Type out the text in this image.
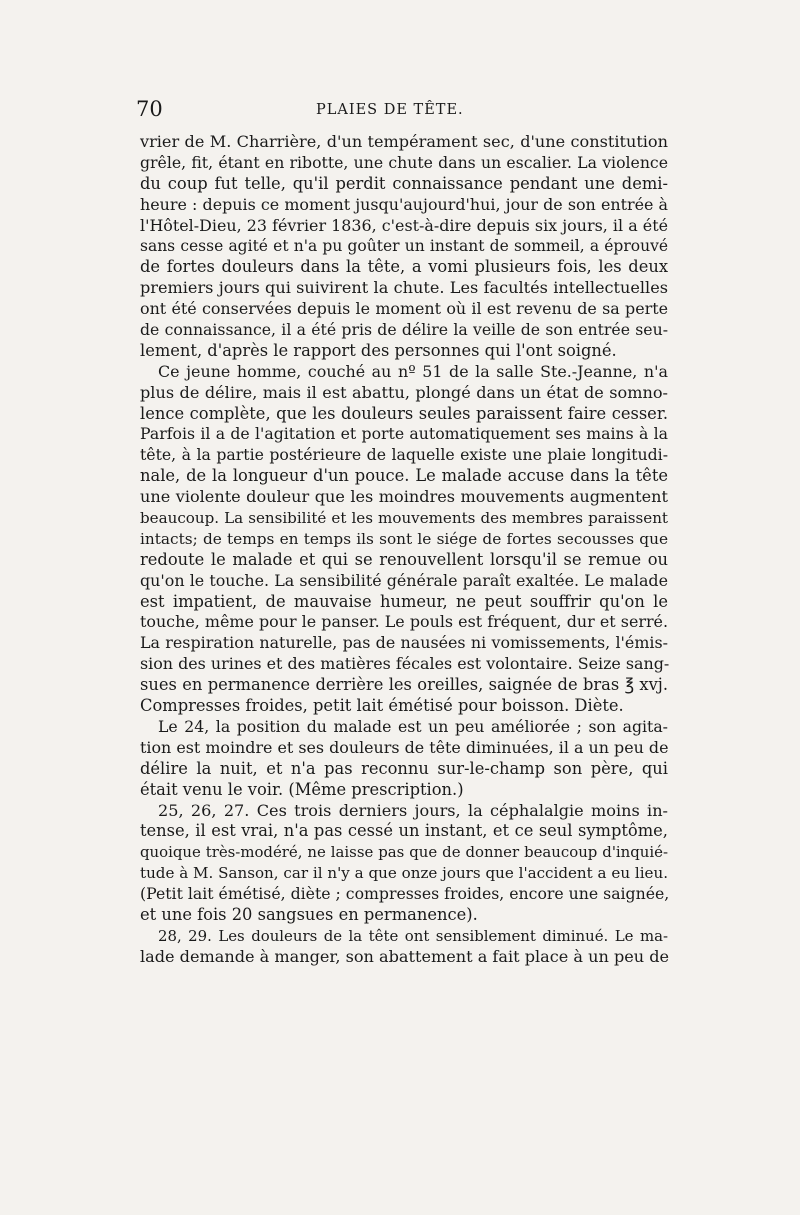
70	PLAIES DE TÊTE.
vrier de M. Charrière, d'un tempérament sec, d'une constitution
grêle, fit, étant en ribotte, une chute dans un escalier. La violence
du coup fut telle, qu'il perdit connaissance pendant une demi-
heure : depuis ce moment jusqu'aujourd'hui, jour de son entrée à
l'Hôtel-Dieu, 23 février 1836, c'est-à-dire depuis six jours, il a été
sans cesse agité et n'a pu goûter un instant de sommeil, a éprouvé
de fortes douleurs dans la tête, a vomi plusieurs fois, les deux
premiers jours qui suivirent la chute. Les facultés intellectuelles
ont été conservées depuis le moment où il est revenu de sa perte
de connaissance, il a été pris de délire la veille de son entrée seu-
lement, d'après le rapport des personnes qui l'ont soigné.
Ce jeune homme, couché au nº 51 de la salle Ste.-Jeanne, n'a
plus de délire, mais il est abattu, plongé dans un état de somno-
lence complète, que les douleurs seules paraissent faire cesser.
Parfois il a de l'agitation et porte automatiquement ses mains à la
tête, à la partie postérieure de laquelle existe une plaie longitudi-
nale, de la longueur d'un pouce. Le malade accuse dans la tête
une violente douleur que les moindres mouvements augmentent
beaucoup. La sensibilité et les mouvements des membres paraissent
intacts; de temps en temps ils sont le siége de fortes secousses que
redoute le malade et qui se renouvellent lorsqu'il se remue ou
qu'on le touche. La sensibilité générale paraît exaltée. Le malade
est impatient, de mauvaise humeur, ne peut souffrir qu'on le
touche, même pour le panser. Le pouls est fréquent, dur et serré.
La respiration naturelle, pas de nausées ni vomissements, l'émis-
sion des urines et des matières fécales est volontaire. Seize sang-
sues en permanence derrière les oreilles, saignée de bras ℥ xvj.
Compresses froides, petit lait émétisé pour boisson. Diète.
Le 24, la position du malade est un peu améliorée ; son agita-
tion est moindre et ses douleurs de tête diminuées, il a un peu de
délire la nuit, et n'a pas reconnu sur-le-champ son père, qui
était venu le voir. (Même prescription.)
25, 26, 27. Ces trois derniers jours, la céphalalgie moins in-
tense, il est vrai, n'a pas cessé un instant, et ce seul symptôme,
quoique très-modéré, ne laisse pas que de donner beaucoup d'inquié-
tude à M. Sanson, car il n'y a que onze jours que l'accident a eu lieu.
(Petit lait émétisé, diète ; compresses froides, encore une saignée,
et une fois 20 sangsues en permanence).
28, 29. Les douleurs de la tête ont sensiblement diminué. Le ma-
lade demande à manger, son abattement a fait place à un peu de
